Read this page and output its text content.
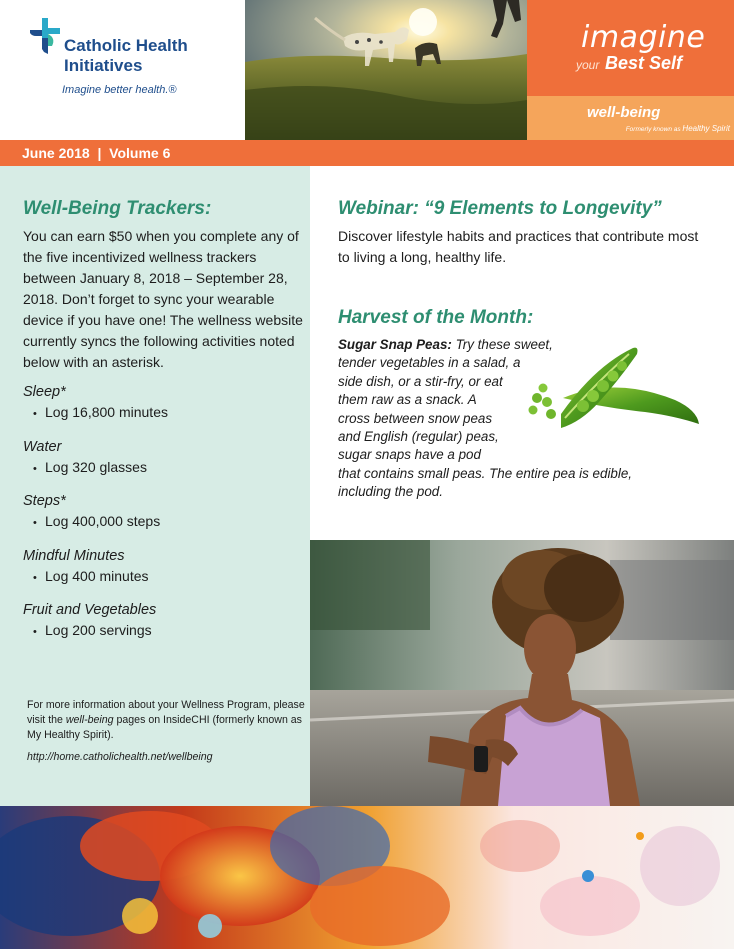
Catholic Health
Initiatives
Imagine better health.®
imagine
your Best Self
well-being
Formerly known as Healthy Spirit
June 2018  |  Volume 6
Well-Being Trackers:
You can earn $50 when you complete any of the five incentivized wellness trackers between January 8, 2018 – September 28, 2018. Don’t forget to sync your wearable device if you have one! The wellness website currently syncs the following activities noted below with an asterisk.
Sleep*
• Log 16,800 minutes
Water
• Log 320 glasses
Steps*
• Log 400,000 steps
Mindful Minutes
• Log 400 minutes
Fruit and Vegetables
• Log 200 servings
For more information about your Wellness Program, please visit the well-being pages on InsideCHI (formerly known as My Healthy Spirit).
http://home.catholichealth.net/wellbeing
Webinar: “9 Elements to Longevity”
Discover lifestyle habits and practices that contribute most to living a long, healthy life.
Harvest of the Month:
Sugar Snap Peas: Try these sweet,
tender vegetables in a salad, a
side dish, or a stir-fry, or eat
them raw as a snack. A
cross between snow peas
and English (regular) peas,
sugar snaps have a pod
that contains small peas. The entire pea is edible,
including the pod.
